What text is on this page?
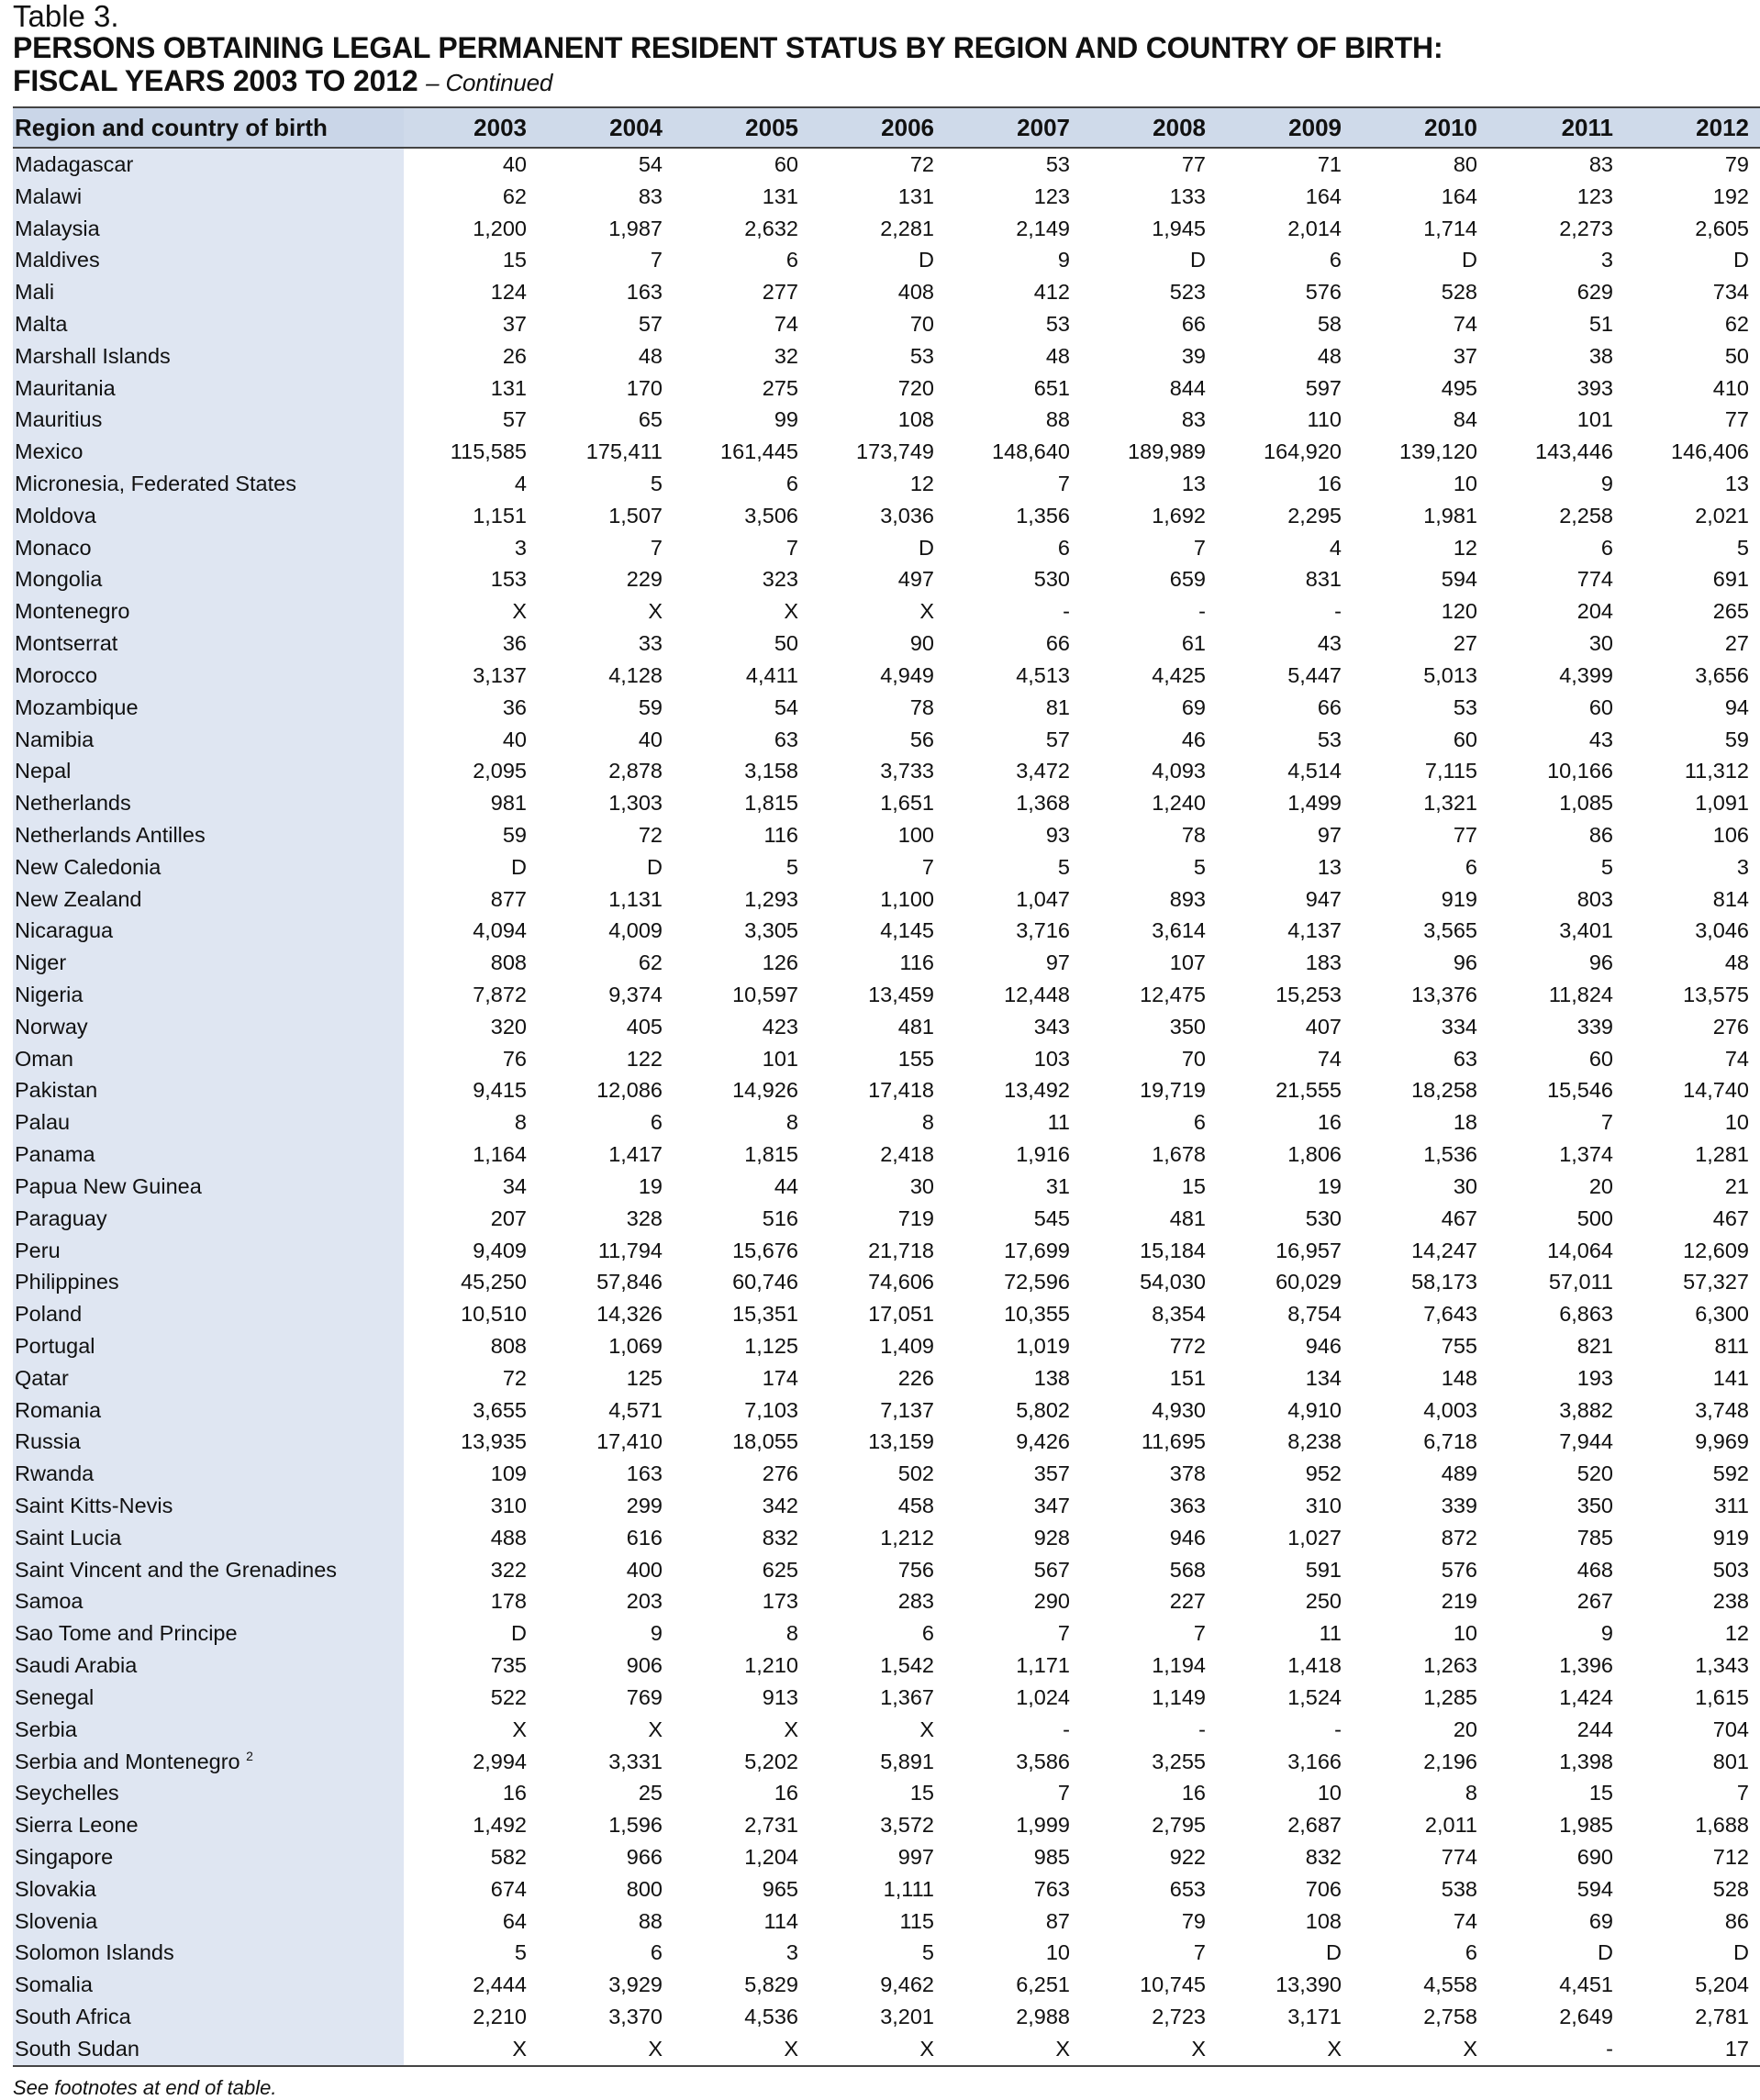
Table 3.
PERSONS OBTAINING LEGAL PERMANENT RESIDENT STATUS BY REGION AND COUNTRY OF BIRTH:
FISCAL YEARS 2003 TO 2012 – Continued
Region and country of birth	2003	2004	2005	2006	2007	2008	2009	2010	2011	2012
Madagascar	40	54	60	72	53	77	71	80	83	79
Malawi	62	83	131	131	123	133	164	164	123	192
Malaysia	1,200	1,987	2,632	2,281	2,149	1,945	2,014	1,714	2,273	2,605
Maldives	15	7	6	D	9	D	6	D	3	D
Mali	124	163	277	408	412	523	576	528	629	734
Malta	37	57	74	70	53	66	58	74	51	62
Marshall Islands	26	48	32	53	48	39	48	37	38	50
Mauritania	131	170	275	720	651	844	597	495	393	410
Mauritius	57	65	99	108	88	83	110	84	101	77
Mexico	115,585	175,411	161,445	173,749	148,640	189,989	164,920	139,120	143,446	146,406
Micronesia, Federated States	4	5	6	12	7	13	16	10	9	13
Moldova	1,151	1,507	3,506	3,036	1,356	1,692	2,295	1,981	2,258	2,021
Monaco	3	7	7	D	6	7	4	12	6	5
Mongolia	153	229	323	497	530	659	831	594	774	691
Montenegro	X	X	X	X	-	-	-	120	204	265
Montserrat	36	33	50	90	66	61	43	27	30	27
Morocco	3,137	4,128	4,411	4,949	4,513	4,425	5,447	5,013	4,399	3,656
Mozambique	36	59	54	78	81	69	66	53	60	94
Namibia	40	40	63	56	57	46	53	60	43	59
Nepal	2,095	2,878	3,158	3,733	3,472	4,093	4,514	7,115	10,166	11,312
Netherlands	981	1,303	1,815	1,651	1,368	1,240	1,499	1,321	1,085	1,091
Netherlands Antilles	59	72	116	100	93	78	97	77	86	106
New Caledonia	D	D	5	7	5	5	13	6	5	3
New Zealand	877	1,131	1,293	1,100	1,047	893	947	919	803	814
Nicaragua	4,094	4,009	3,305	4,145	3,716	3,614	4,137	3,565	3,401	3,046
Niger	808	62	126	116	97	107	183	96	96	48
Nigeria	7,872	9,374	10,597	13,459	12,448	12,475	15,253	13,376	11,824	13,575
Norway	320	405	423	481	343	350	407	334	339	276
Oman	76	122	101	155	103	70	74	63	60	74
Pakistan	9,415	12,086	14,926	17,418	13,492	19,719	21,555	18,258	15,546	14,740
Palau	8	6	8	8	11	6	16	18	7	10
Panama	1,164	1,417	1,815	2,418	1,916	1,678	1,806	1,536	1,374	1,281
Papua New Guinea	34	19	44	30	31	15	19	30	20	21
Paraguay	207	328	516	719	545	481	530	467	500	467
Peru	9,409	11,794	15,676	21,718	17,699	15,184	16,957	14,247	14,064	12,609
Philippines	45,250	57,846	60,746	74,606	72,596	54,030	60,029	58,173	57,011	57,327
Poland	10,510	14,326	15,351	17,051	10,355	8,354	8,754	7,643	6,863	6,300
Portugal	808	1,069	1,125	1,409	1,019	772	946	755	821	811
Qatar	72	125	174	226	138	151	134	148	193	141
Romania	3,655	4,571	7,103	7,137	5,802	4,930	4,910	4,003	3,882	3,748
Russia	13,935	17,410	18,055	13,159	9,426	11,695	8,238	6,718	7,944	9,969
Rwanda	109	163	276	502	357	378	952	489	520	592
Saint Kitts-Nevis	310	299	342	458	347	363	310	339	350	311
Saint Lucia	488	616	832	1,212	928	946	1,027	872	785	919
Saint Vincent and the Grenadines	322	400	625	756	567	568	591	576	468	503
Samoa	178	203	173	283	290	227	250	219	267	238
Sao Tome and Principe	D	9	8	6	7	7	11	10	9	12
Saudi Arabia	735	906	1,210	1,542	1,171	1,194	1,418	1,263	1,396	1,343
Senegal	522	769	913	1,367	1,024	1,149	1,524	1,285	1,424	1,615
Serbia	X	X	X	X	-	-	-	20	244	704
Serbia and Montenegro $^2$	2,994	3,331	5,202	5,891	3,586	3,255	3,166	2,196	1,398	801
Seychelles	16	25	16	15	7	16	10	8	15	7
Sierra Leone	1,492	1,596	2,731	3,572	1,999	2,795	2,687	2,011	1,985	1,688
Singapore	582	966	1,204	997	985	922	832	774	690	712
Slovakia	674	800	965	1,111	763	653	706	538	594	528
Slovenia	64	88	114	115	87	79	108	74	69	86
Solomon Islands	5	6	3	5	10	7	D	6	D	D
Somalia	2,444	3,929	5,829	9,462	6,251	10,745	13,390	4,558	4,451	5,204
South Africa	2,210	3,370	4,536	3,201	2,988	2,723	3,171	2,758	2,649	2,781
South Sudan	X	X	X	X	X	X	X	X	-	17
See footnotes at end of table.
